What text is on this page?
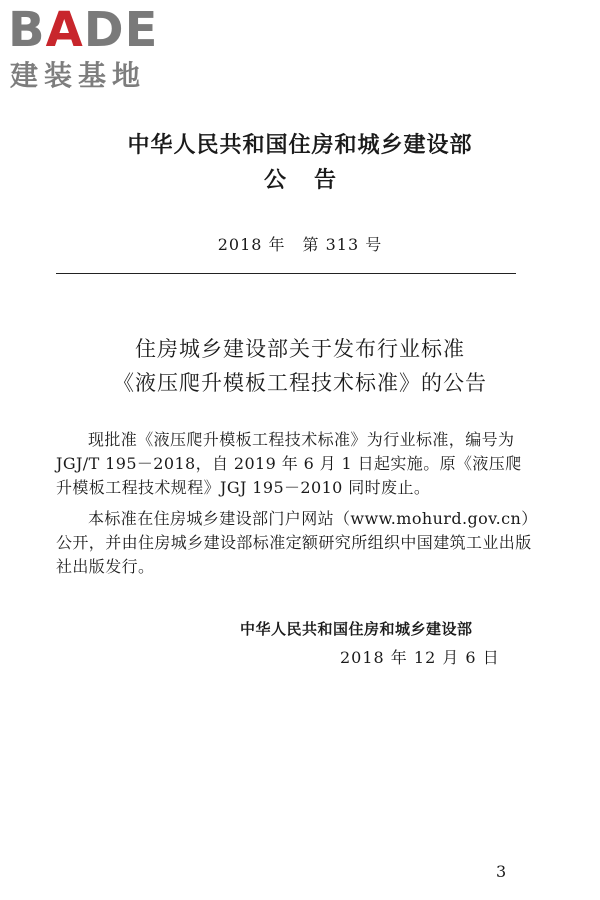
BADE
建装基地
中华人民共和国住房和城乡建设部
公告
2018 年　第 313 号
住房城乡建设部关于发布行业标准
《液压爬升模板工程技术标准》的公告

现批准《液压爬升模板工程技术标准》为行业标准，编号为 JGJ/T 195－2018，自 2019 年 6 月 1 日起实施。原《液压爬升模板工程技术规程》JGJ 195－2010 同时废止。

本标准在住房城乡建设部门户网站（www.mohurd.gov.cn）公开，并由住房城乡建设部标准定额研究所组织中国建筑工业出版社出版发行。

中华人民共和国住房和城乡建设部
2018 年 12 月 6 日
3
